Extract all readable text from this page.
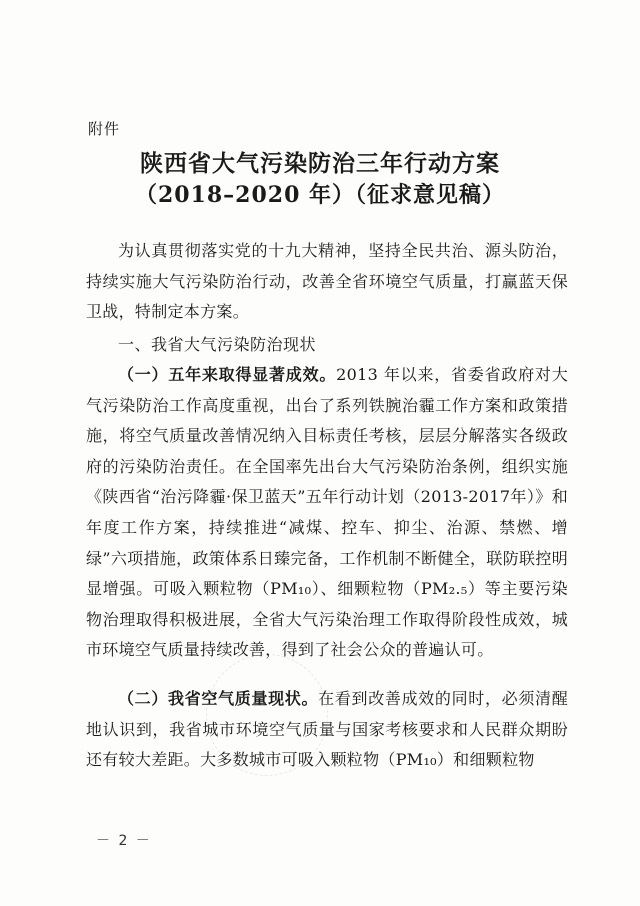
附件
陕西省大气污染防治三年行动方案
（2018–2020 年）（征求意见稿）

为认真贯彻落实党的十九大精神，坚持全民共治、源头防治，持续实施大气污染防治行动，改善全省环境空气质量，打赢蓝天保卫战，特制定本方案。

一、我省大气污染防治现状

（一）五年来取得显著成效。2013 年以来，省委省政府对大气污染防治工作高度重视，出台了系列铁腕治霾工作方案和政策措施，将空气质量改善情况纳入目标责任考核，层层分解落实各级政府的污染防治责任。在全国率先出台大气污染防治条例，组织实施《陕西省“治污降霾·保卫蓝天”五年行动计划（2013-2017年）》和年度工作方案，持续推进“减煤、控车、抑尘、治源、禁燃、增绿”六项措施，政策体系日臻完备，工作机制不断健全，联防联控明显增强。可吸入颗粒物（PM₁₀）、细颗粒物（PM₂.₅）等主要污染物治理取得积极进展，全省大气污染治理工作取得阶段性成效，城市环境空气质量持续改善，得到了社会公众的普遍认可。

（二）我省空气质量现状。在看到改善成效的同时，必须清醒地认识到，我省城市环境空气质量与国家考核要求和人民群众期盼还有较大差距。大多数城市可吸入颗粒物（PM₁₀）和细颗粒物

－ 2 －
